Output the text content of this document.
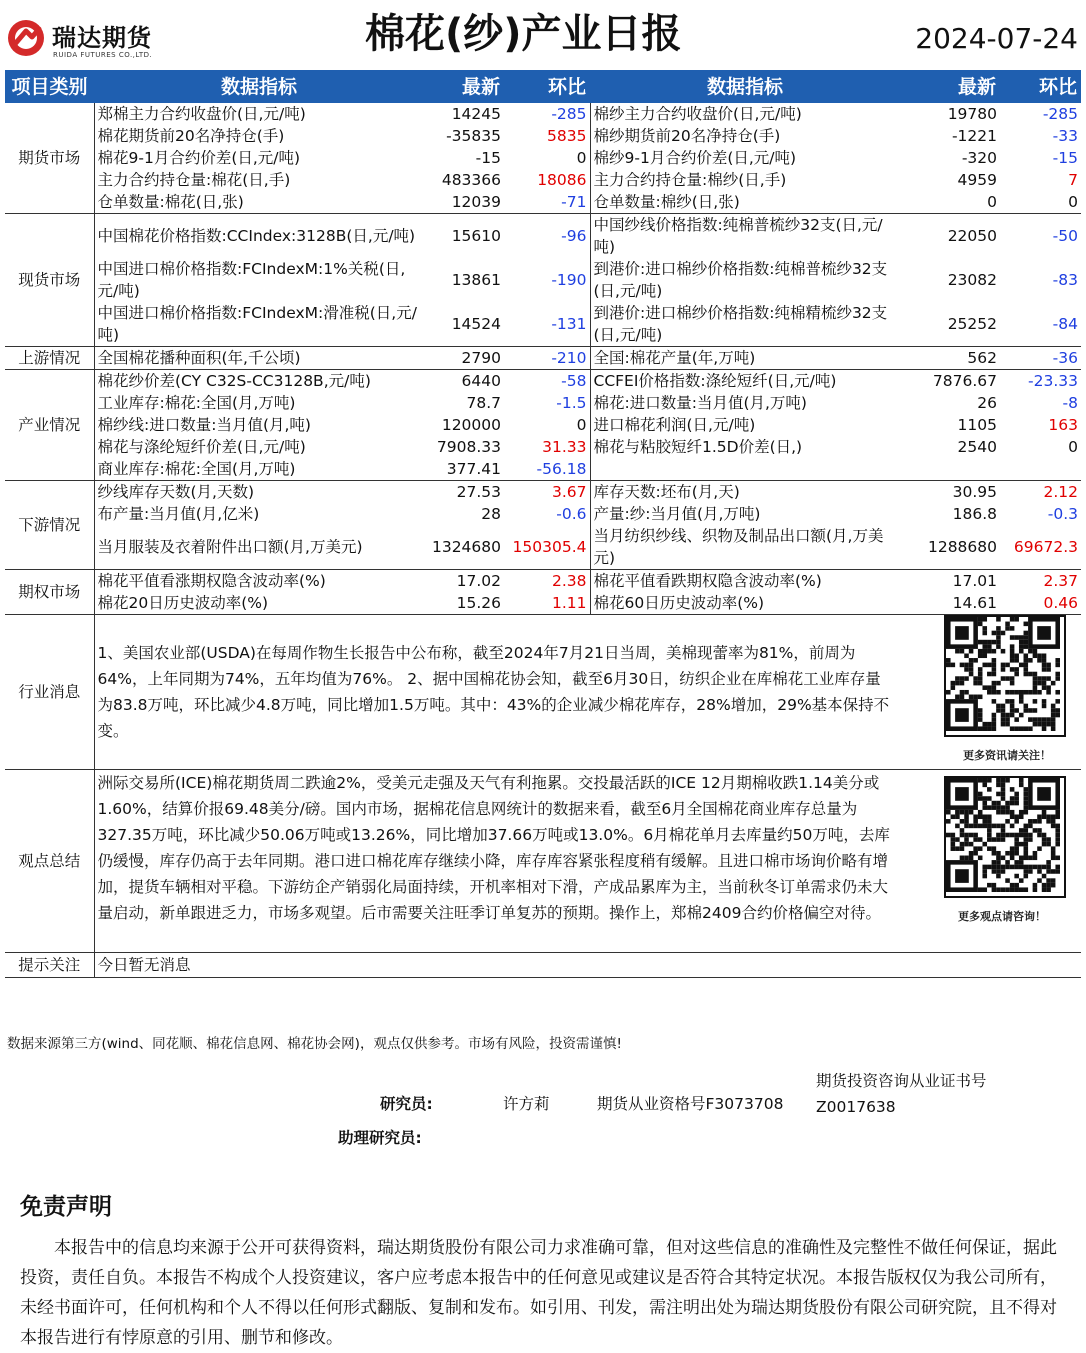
瑞达期货
RUIDA FUTURES CO.,LTD.	棉花(纱)产业日报	2024-07-24
项目类别	数据指标	最新	环比	数据指标	最新	环比
期货市场	郑棉主力合约收盘价(日,元/吨)	14245	-285	棉纱主力合约收盘价(日,元/吨)	19780	-285
	棉花期货前20名净持仓(手)	-35835	5835	棉纱期货前20名净持仓(手)	-1221	-33
	棉花9-1月合约价差(日,元/吨)	-15	0	棉纱9-1月合约价差(日,元/吨)	-320	-15
	主力合约持仓量:棉花(日,手)	483366	18086	主力合约持仓量:棉纱(日,手)	4959	7
	仓单数量:棉花(日,张)	12039	-71	仓单数量:棉纱(日,张)	0	0
现货市场	中国棉花价格指数:CCIndex:3128B(日,元/吨)	15610	-96	中国纱线价格指数:纯棉普梳纱32支(日,元/吨)	22050	-50
	中国进口棉价格指数:FCIndexM:1%关税(日,元/吨)	13861	-190	到港价:进口棉纱价格指数:纯棉普梳纱32支(日,元/吨)	23082	-83
	中国进口棉价格指数:FCIndexM:滑准税(日,元/吨)	14524	-131	到港价:进口棉纱价格指数:纯棉精梳纱32支(日,元/吨)	25252	-84
上游情况	全国棉花播种面积(年,千公顷)	2790	-210	全国:棉花产量(年,万吨)	562	-36
产业情况	棉花纱价差(CY C32S-CC3128B,元/吨)	6440	-58	CCFEI价格指数:涤纶短纤(日,元/吨)	7876.67	-23.33
	工业库存:棉花:全国(月,万吨)	78.7	-1.5	棉花:进口数量:当月值(月,万吨)	26	-8
	棉纱线:进口数量:当月值(月,吨)	120000	0	进口棉花利润(日,元/吨)	1105	163
	棉花与涤纶短纤价差(日,元/吨)	7908.33	31.33	棉花与粘胶短纤1.5D价差(日,)	2540	0
	商业库存:棉花:全国(月,万吨)	377.41	-56.18			
下游情况	纱线库存天数(月,天数)	27.53	3.67	库存天数:坯布(月,天)	30.95	2.12
	布产量:当月值(月,亿米)	28	-0.6	产量:纱:当月值(月,万吨)	186.8	-0.3
	当月服装及衣着附件出口额(月,万美元)	1324680	150305.4	当月纺织纱线、织物及制品出口额(月,万美元)	1288680	69672.3
期权市场	棉花平值看涨期权隐含波动率(%)	17.02	2.38	棉花平值看跌期权隐含波动率(%)	17.01	2.37
	棉花20日历史波动率(%)	15.26	1.11	棉花60日历史波动率(%)	14.61	0.46
行业消息	1、美国农业部(USDA)在每周作物生长报告中公布称，截至2024年7月21日当周，美棉现蕾率为81%，前周为64%，上年同期为74%，五年均值为76%。 2、据中国棉花协会知，截至6月30日，纺织企业在库棉花工业库存量为83.8万吨，环比减少4.8万吨，同比增加1.5万吨。其中：43%的企业减少棉花库存，28%增加，29%基本保持不变。
更多资讯请关注！					

观点总结	洲际交易所(ICE)棉花期货周二跌逾2%，受美元走强及天气有利拖累。交投最活跃的ICE 12月期棉收跌1.14美分或1.60%，结算价报69.48美分/磅。国内市场，据棉花信息网统计的数据来看，截至6月全国棉花商业库存总量为327.35万吨，环比减少50.06万吨或13.26%，同比增加37.66万吨或13.0%。6月棉花单月去库量约50万吨，去库仍缓慢，库存仍高于去年同期。港口进口棉花库存继续小降，库存库容紧张程度稍有缓解。且进口棉市场询价略有增加，提货车辆相对平稳。下游纺企产销弱化局面持续，开机率相对下滑，产成品累库为主，当前秋冬订单需求仍未大量启动，新单跟进乏力，市场多观望。后市需要关注旺季订单复苏的预期。操作上，郑棉2409合约价格偏空对待。 更多观点请咨询！					

提示关注	今日暂无消息					
数据来源第三方(wind、同花顺、棉花信息网、棉花协会网)，观点仅供参考。市场有风险，投资需谨慎!
期货投资咨询从业证书号Z0017638
研究员:	许方莉	期货从业资格号F3073708
助理研究员:
免责声明
本报告中的信息均来源于公开可获得资料，瑞达期货股份有限公司力求准确可靠，但对这些信息的准确性及完整性不做任何保证，据此投资，责任自负。本报告不构成个人投资建议，客户应考虑本报告中的任何意见或建议是否符合其特定状况。本报告版权仅为我公司所有，未经书面许可，任何机构和个人不得以任何形式翻版、复制和发布。如引用、刊发，需注明出处为瑞达期货股份有限公司研究院，且不得对本报告进行有悖原意的引用、删节和修改。
